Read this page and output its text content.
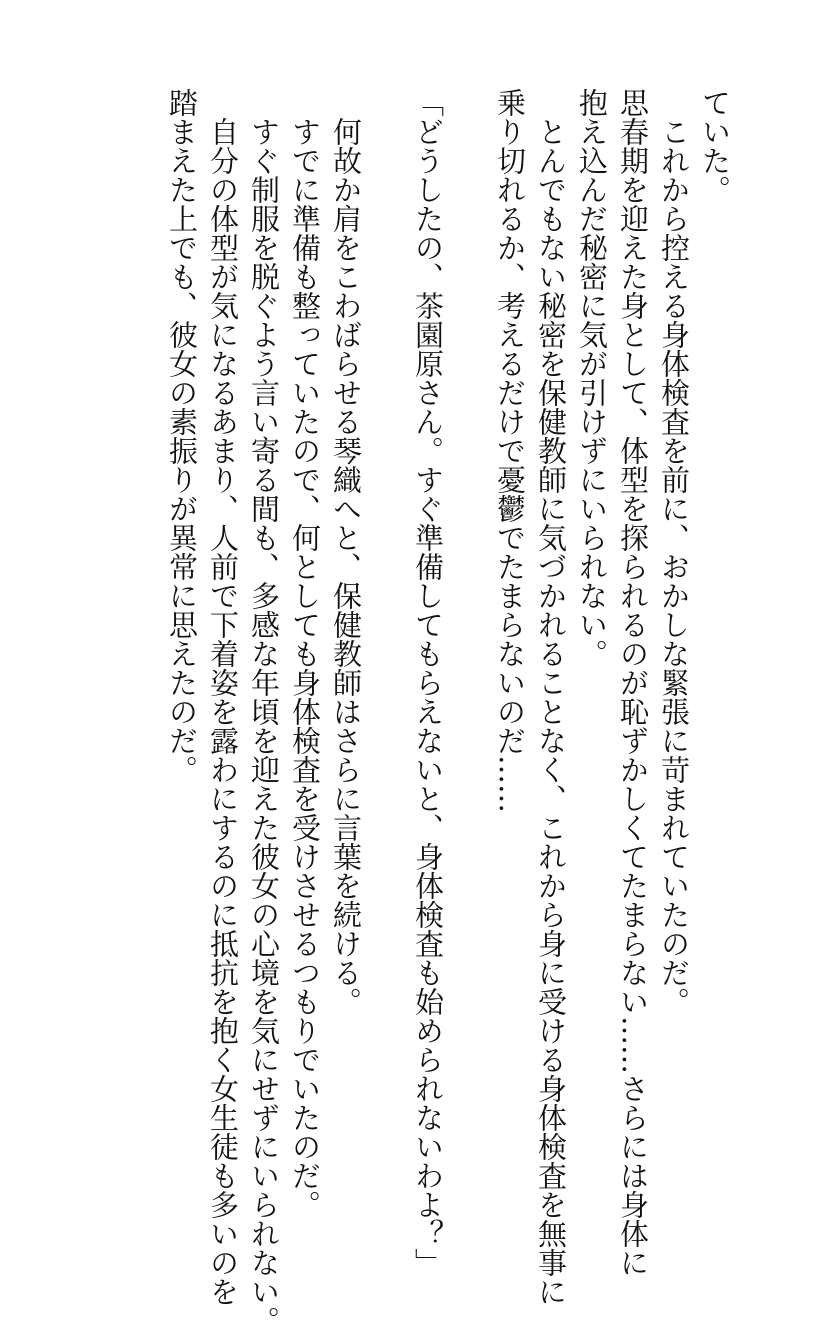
ていた。
これから控える身体検査を前に、おかしな緊張に苛まれていたのだ。
思春期を迎えた身として、体型を探られるのが恥ずかしくてたまらない……さらには身体に
抱え込んだ秘密に気が引けずにいられない。
とんでもない秘密を保健教師に気づかれることなく、これから身に受ける身体検査を無事に
乗り切れるか、考えるだけで憂鬱でたまらないのだ……
「どうしたの、茶園原さん。すぐ準備してもらえないと、身体検査も始められないわよ？」
何故か肩をこわばらせる琴織へと、保健教師はさらに言葉を続ける。
すでに準備も整っていたので、何としても身体検査を受けさせるつもりでいたのだ。
すぐ制服を脱ぐよう言い寄る間も、多感な年頃を迎えた彼女の心境を気にせずにいられない。
自分の体型が気になるあまり、人前で下着姿を露わにするのに抵抗を抱く女生徒も多いのを
踏まえた上でも、彼女の素振りが異常に思えたのだ。
